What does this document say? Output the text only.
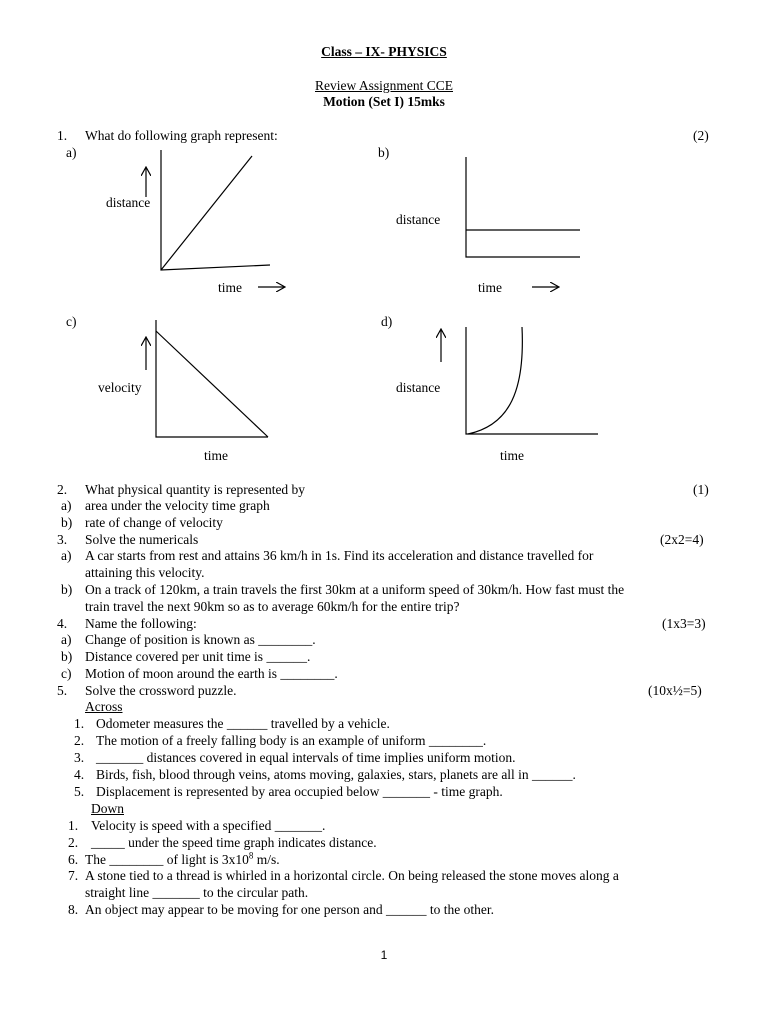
Class – IX- PHYSICS
Review Assignment CCE
Motion (Set I) 15mks
1. What do following graph represent:	(2)
a)	b)
c)	d)
distance
time
distance
time
velocity
time
distance
time
2. What physical quantity is represented by	(1)
a) area under the velocity time graph
b) rate of change of velocity
3. Solve the numericals	(2x2=4)
a) A car starts from rest and attains 36 km/h in 1s. Find its acceleration and distance travelled for
attaining this velocity.
b) On a track of 120km, a train travels the first 30km at a uniform speed of 30km/h. How fast must the
train travel the next 90km so as to average 60km/h for the entire trip?
4. Name the following:	(1x3=3)
a) Change of position is known as ________.
b) Distance covered per unit time is ______.
c) Motion of moon around the earth is ________.
5. Solve the crossword puzzle.	(10x½=5)
Across
1. Odometer measures the ______ travelled by a vehicle.
2. The motion of a freely falling body is an example of uniform ________.
3. _______ distances covered in equal intervals of time implies uniform motion.
4. Birds, fish, blood through veins, atoms moving, galaxies, stars, planets are all in ______.
5. Displacement is represented by area occupied below _______ - time graph.
Down
1. Velocity is speed with a specified _______.
2. _____ under the speed time graph indicates distance.
6. The ________ of light is $3x10^8$ m/s.
7. A stone tied to a thread is whirled in a horizontal circle. On being released the stone moves along a
straight line _______ to the circular path.
8. An object may appear to be moving for one person and ______ to the other.
1
